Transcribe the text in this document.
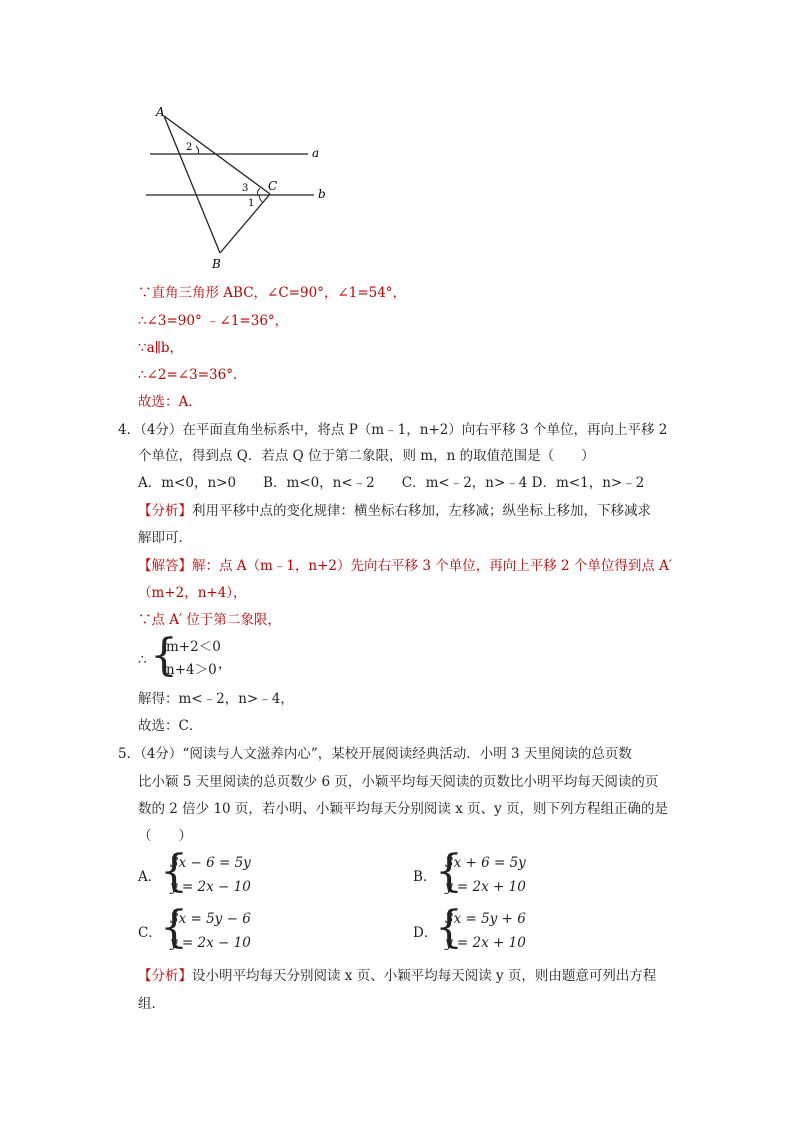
A
B
C
a
b
2
3
1
∵直角三角形 ABC，∠C=90°，∠1=54°，
∴∠3=90° ﹣∠1=36°，
∵a∥b，
∴∠2=∠3=36°．
故选：A．
4．（4分）在平面直角坐标系中，将点 P（m﹣1，n+2）向右平移 3 个单位，再向上平移 2
个单位，得到点 Q．若点 Q 位于第二象限，则 m，n 的取值范围是（　　）
A．m<0，n>0　　B．m<0，n<﹣2　　C．m<﹣2，n>﹣4 D．m<1，n>﹣2
【分析】利用平移中点的变化规律：横坐标右移加，左移减；纵坐标上移加，下移减求
解即可．
【解答】解：点 A（m﹣1，n+2）先向右平移 3 个单位，再向上平移 2 个单位得到点 A′
（m+2，n+4），
∵点 A′ 位于第二象限，
∴ {
m+2＜0
n+4＞0 ，
解得：m<﹣2，n>﹣4，
故选：C．
5．（4分）“阅读与人文滋养内心”，某校开展阅读经典活动．小明 3 天里阅读的总页数
比小颖 5 天里阅读的总页数少 6 页，小颖平均每天阅读的页数比小明平均每天阅读的页
数的 2 倍少 10 页，若小明、小颖平均每天分别阅读 x 页、y 页，则下列方程组正确的是
（　　）
A．
{
3x − 6 = 5y
y = 2x − 10
B．
{
3x + 6 = 5y
y = 2x + 10
C．
{
3x = 5y − 6
y = 2x − 10
D．
{
3x = 5y + 6
y = 2x + 10
【分析】设小明平均每天分别阅读 x 页、小颖平均每天阅读 y 页，则由题意可列出方程
组．
